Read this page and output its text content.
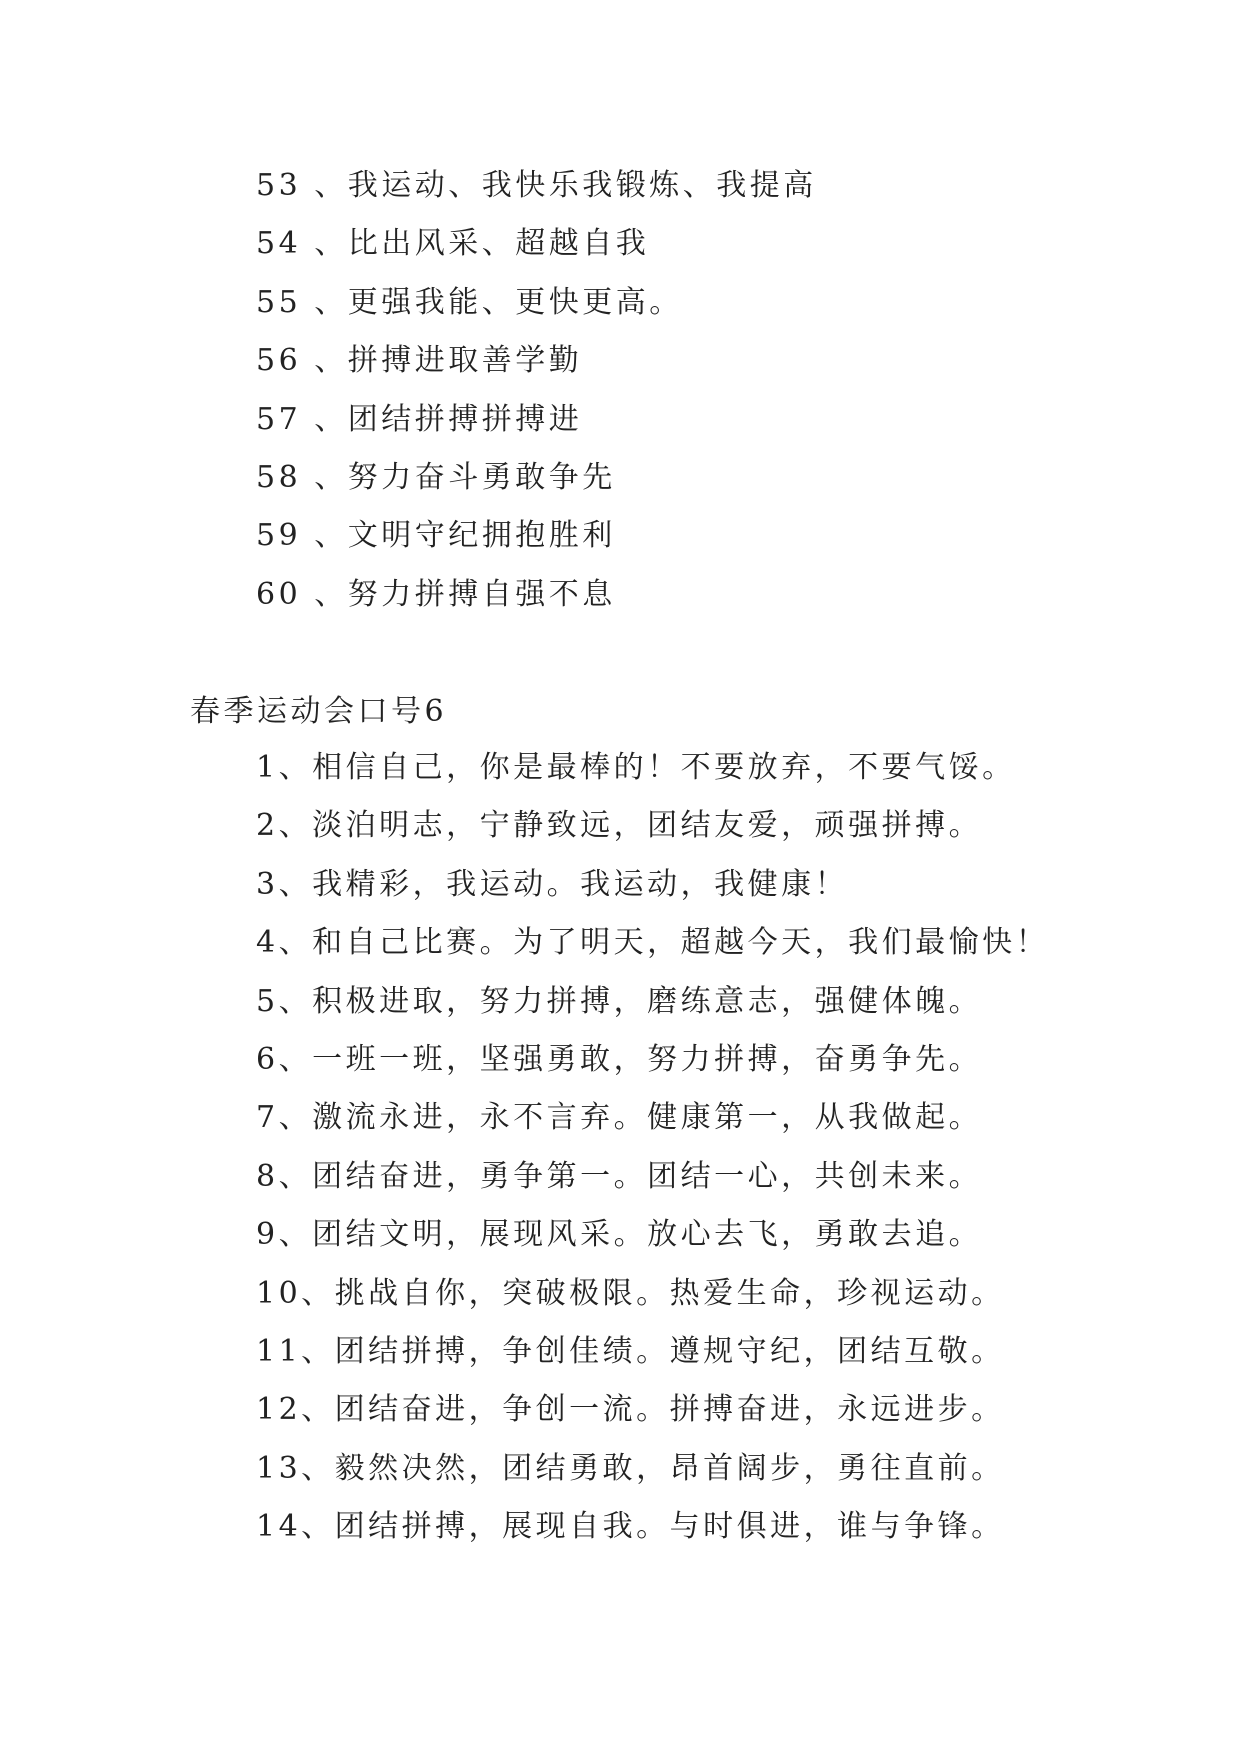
53 、我运动、我快乐我锻炼、我提高
54 、比出风采、超越自我
55 、更强我能、更快更高。
56 、拼搏进取善学勤
57 、团结拼搏拼搏进
58 、努力奋斗勇敢争先
59 、文明守纪拥抱胜利
60 、努力拼搏自强不息
春季运动会口号6
1、相信自己，你是最棒的！不要放弃，不要气馁。
2、淡泊明志，宁静致远，团结友爱，顽强拼搏。
3、我精彩，我运动。我运动，我健康！
4、和自己比赛。为了明天，超越今天，我们最愉快！
5、积极进取，努力拼搏，磨练意志，强健体魄。
6、一班一班，坚强勇敢，努力拼搏，奋勇争先。
7、激流永进，永不言弃。健康第一，从我做起。
8、团结奋进，勇争第一。团结一心，共创未来。
9、团结文明，展现风采。放心去飞，勇敢去追。
10、挑战自你，突破极限。热爱生命，珍视运动。
11、团结拼搏，争创佳绩。遵规守纪，团结互敬。
12、团结奋进，争创一流。拼搏奋进，永远进步。
13、毅然决然，团结勇敢，昂首阔步，勇往直前。
14、团结拼搏，展现自我。与时俱进，谁与争锋。
